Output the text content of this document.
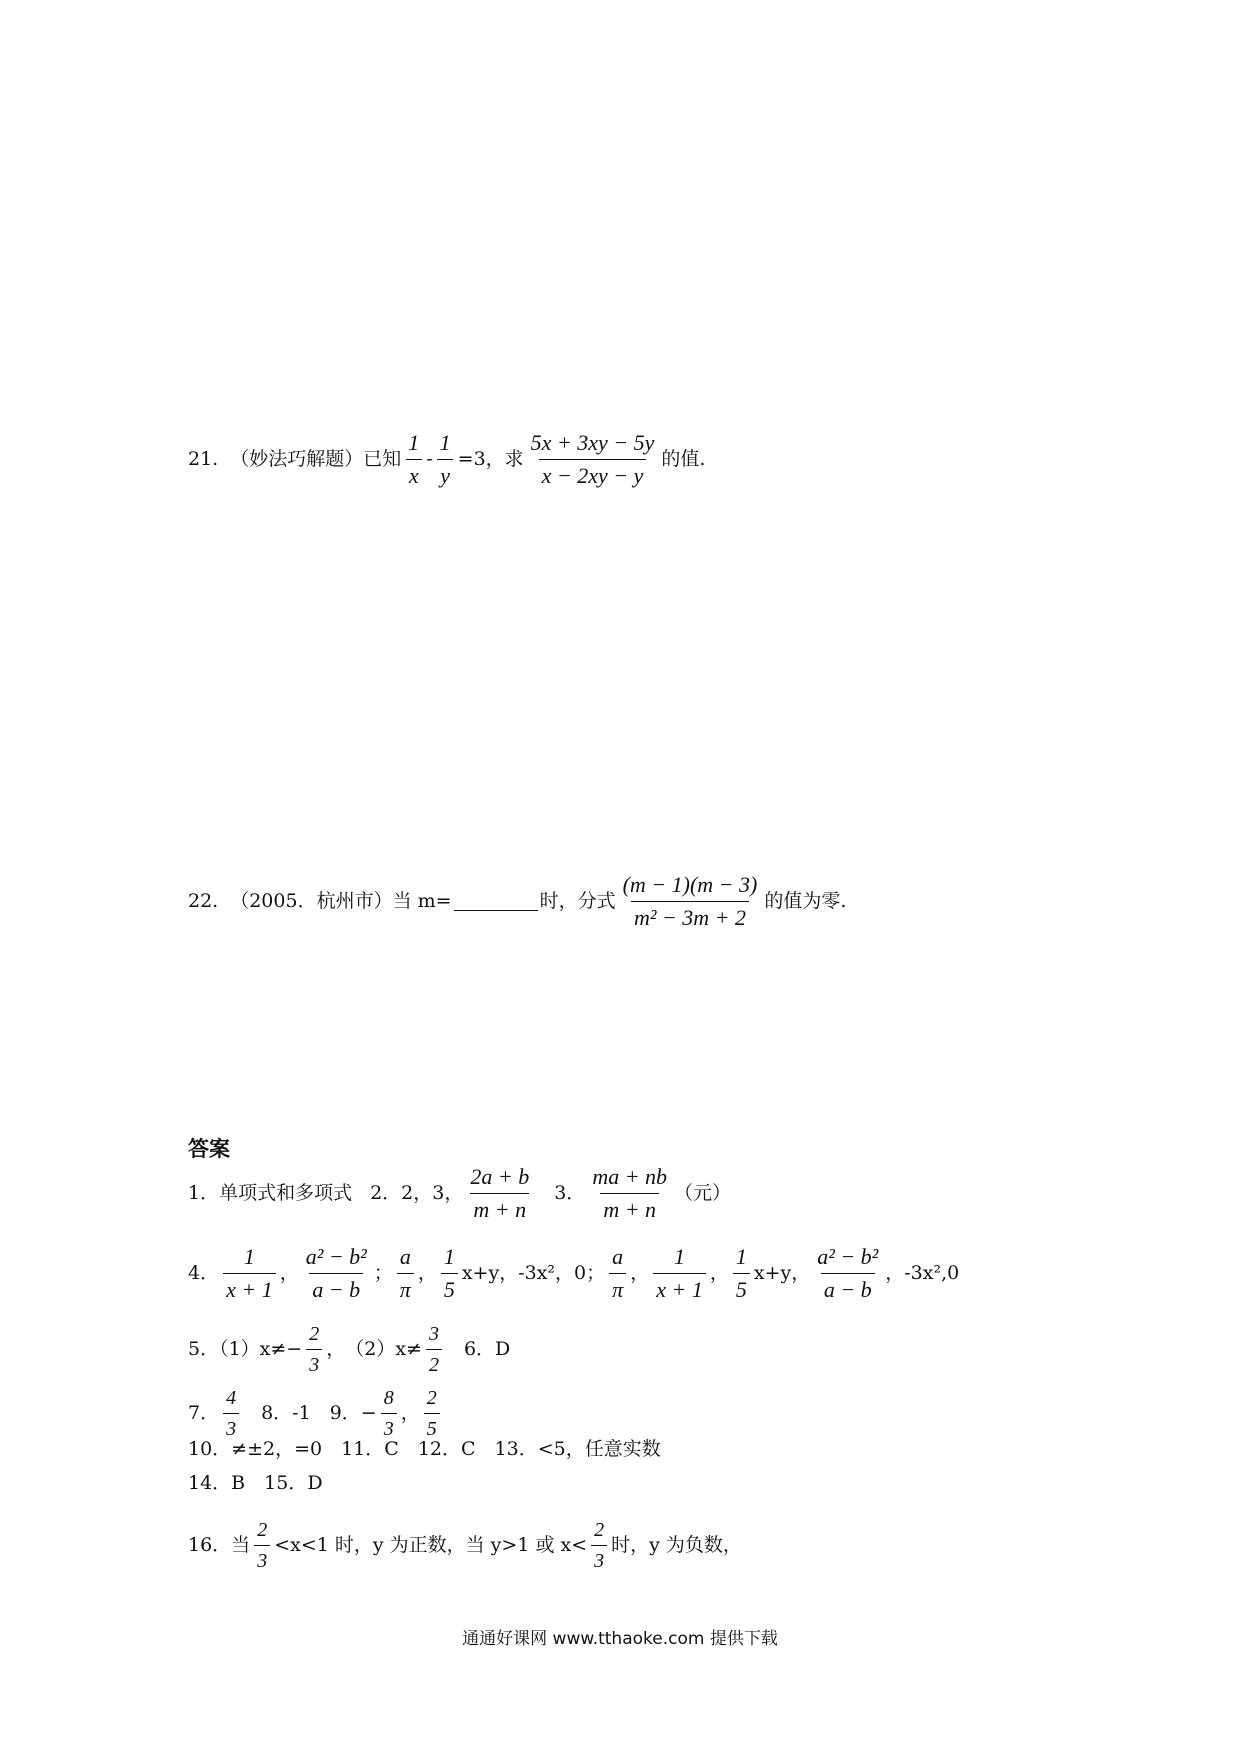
21. （妙法巧解题）已知 $\frac{1}{x} - \frac{1}{y} =3$，求 $\frac{5x + 3xy - 5y}{x - 2xy - y}$ 的值.
22. （2005．杭州市）当 m=	时，分式 $\frac{(m - 1)(m - 3)}{\text{m² − 3m + 2}}$ 的值为零.
答案
1．单项式和多项式 2．2，3， $\frac{2a + b}{m + n} 3$． $\frac{ma + nb}{m + n}$ （元）
4． $\frac{1}{x + 1}$ ， $\frac{\text{a² − b²}}{a - b}$ ； $\frac{a}{\pi}$ ， $\frac{1}{5} x+y$，-3x²，0； $\frac{a}{\pi}$ ， $\frac{1}{x + 1}$ ， $\frac{1}{5} x+y$， $\frac{\text{a² − b²}}{a - b}$ ，-3x²,0
5．$(1)x\ne- \frac{2}{3}$ ，　$(2)x\ne \frac{3}{2} 6$．D
7． $\frac{4}{3} 8$．-1　9．− $\frac{8}{3}$ ， $\frac{2}{5}$
10．≠±2，=0　11．C　12．C　13．<5，任意实数
14．B　15．D
16．当 $\frac{2}{3} <x<1$ 时，y 为正数，当 y>1 或 $x< \frac{2}{3}$ 时，y 为负数，
通通好课网 www.tthaoke.com 提供下载
